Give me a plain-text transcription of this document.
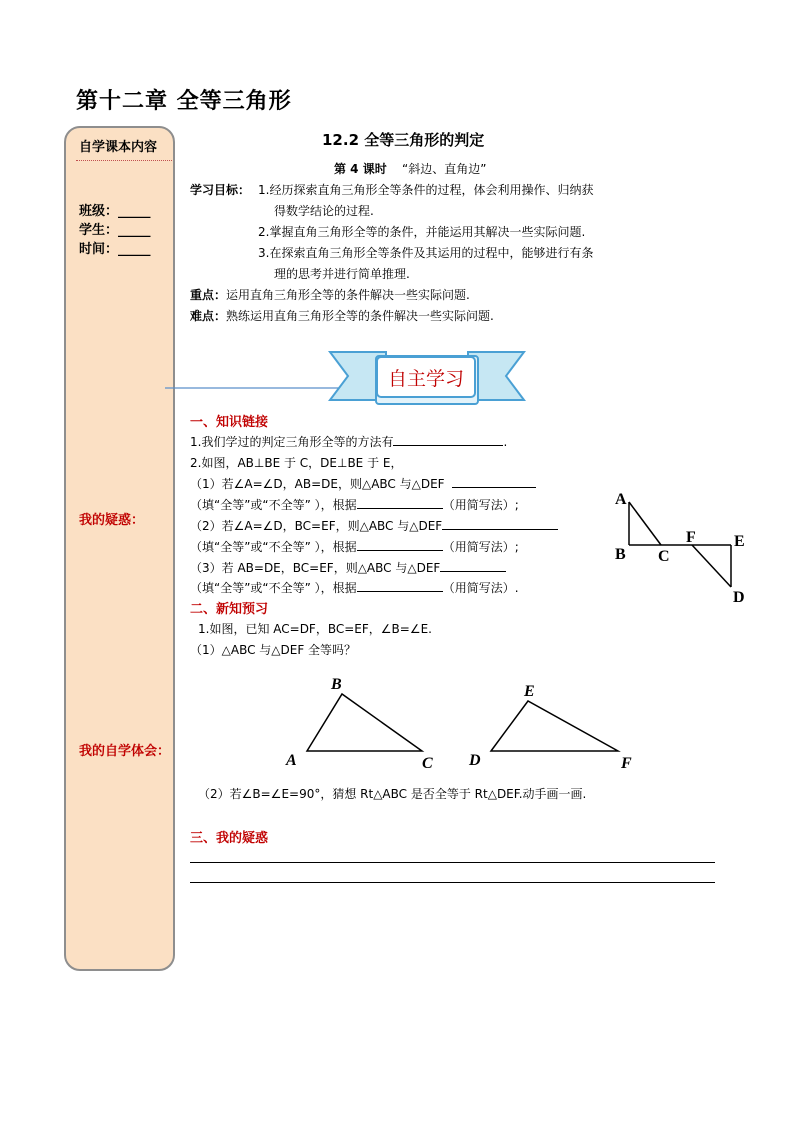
第十二章 全等三角形
自学课本内容
班级：_____
学生：_____
时间：_____
我的疑惑：
我的自学体会：
12.2 全等三角形的判定
第 4 课时 “斜边、直角边”
学习目标： 1.经历探索直角三角形全等条件的过程，体会利用操作、归纳获
得数学结论的过程.
2.掌握直角三角形全等的条件，并能运用其解决一些实际问题.
3.在探索直角三角形全等条件及其运用的过程中，能够进行有条
理的思考并进行简单推理.
重点：运用直角三角形全等的条件解决一些实际问题.
难点：熟练运用直角三角形全等的条件解决一些实际问题.
自主学习
一、知识链接
1.我们学过的判定三角形全等的方法有	.
2.如图，AB⊥BE 于 C，DE⊥BE 于 E，
（1）若∠A=∠D，AB=DE，则△ABC 与△DEF
（填“全等”或“不全等” ），根据	（用简写法）;
（2）若∠A=∠D，BC=EF，则△ABC 与△DEF
（填“全等”或“不全等” ），根据	（用简写法）;
（3）若 AB=DE，BC=EF，则△ABC 与△DEF
（填“全等”或“不全等” ），根据	（用简写法）.
A
B C
F E
D
二、新知预习
1.如图，已知 AC=DF，BC=EF，∠B=∠E.
（1）△ABC 与△DEF 全等吗？
B
A	C
E
D	F
（2）若∠B=∠E=90°，猜想 Rt△ABC 是否全等于 Rt△DEF.动手画一画.
三、我的疑惑
